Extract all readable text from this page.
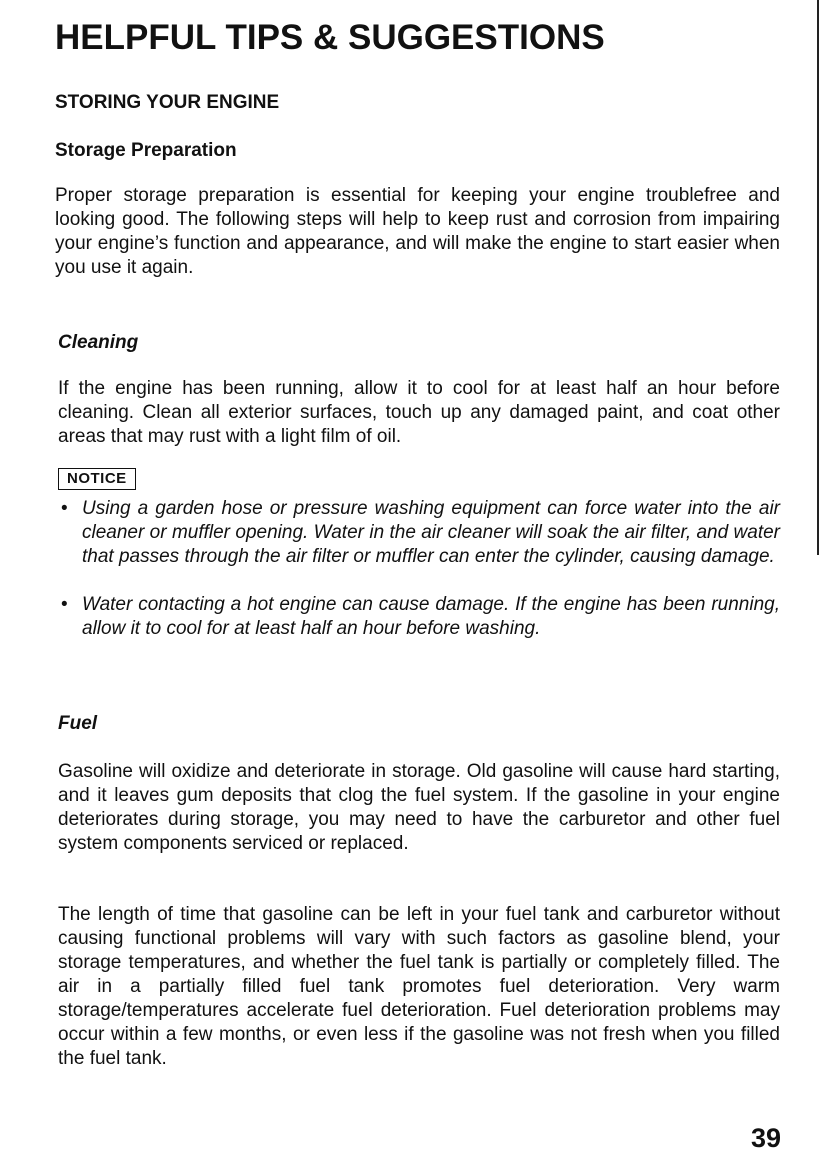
HELPFUL TIPS & SUGGESTIONS
STORING YOUR ENGINE
Storage Preparation

Proper storage preparation is essential for keeping your engine troublefree and looking good. The following steps will help to keep rust and corrosion from impairing your engine’s function and appearance, and will make the engine to start easier when you use it again.

Cleaning

If the engine has been running, allow it to cool for at least half an hour before cleaning. Clean all exterior surfaces, touch up any damaged paint, and coat other areas that may rust with a light film of oil.

NOTICE
• Using a garden hose or pressure washing equipment can force water into the air cleaner or muffler opening. Water in the air cleaner will soak the air filter, and water that passes through the air filter or muffler can enter the cylinder, causing damage.
• Water contacting a hot engine can cause damage. If the engine has been running, allow it to cool for at least half an hour before washing.
Fuel

Gasoline will oxidize and deteriorate in storage. Old gasoline will cause hard starting, and it leaves gum deposits that clog the fuel system. If the gasoline in your engine deteriorates during storage, you may need to have the carburetor and other fuel system components serviced or replaced.

The length of time that gasoline can be left in your fuel tank and carburetor without causing functional problems will vary with such factors as gasoline blend, your storage temperatures, and whether the fuel tank is partially or completely filled. The air in a partially filled fuel tank promotes fuel deterioration. Very warm storage/temperatures accelerate fuel deterioration. Fuel deterioration problems may occur within a few months, or even less if the gasoline was not fresh when you filled the fuel tank.

39
